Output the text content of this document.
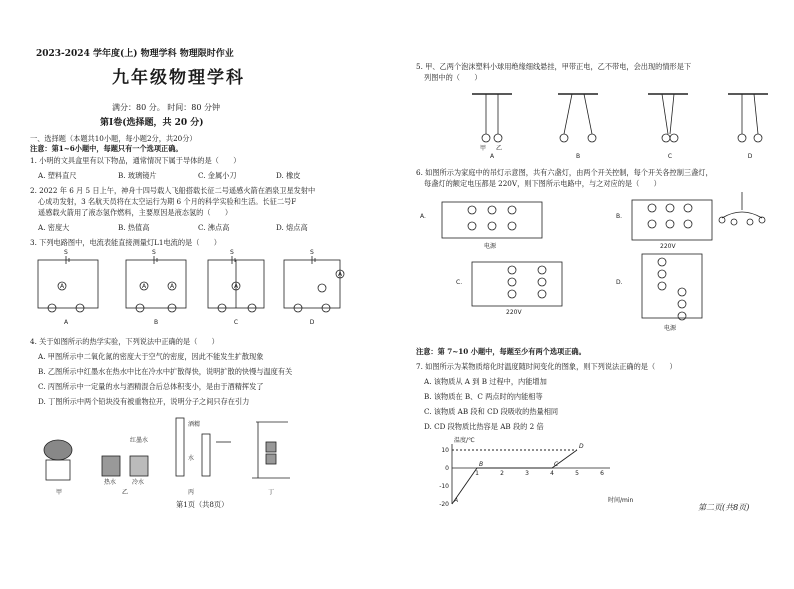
2023-2024 学年度(上) 物理学科 物理限时作业
九年级物理学科
满分：80 分。 时间：80 分钟
第Ⅰ卷(选择题，共 20 分)
一、选择题（本题共10小题，每小题2分，共20分）
注意：第1~6小题中，每题只有一个选项正确。
1. 小明的文具盒里有以下物品，通常情况下属于导体的是（　　）
A. 塑料直尺	B. 玻璃镜片	C. 金属小刀	D. 橡皮
2. 2022 年 6 月 5 日上午，神舟十四号载人飞船搭载长征二号遥感火箭在酒泉卫星发射中
心成功发射，3 名航天员将在太空运行为期 6 个月的科学实验和生活。长征二号F
遥感载火箭用了液态氢作燃料，主要原因是液态氢的（　　）
A. 密度大	B. 热值高	C. 沸点高	D. 熔点高
3. 下列电路图中，电流表能直接测量灯L1电流的是（　　）
A	A	A	A
A
S	S	S	S
A	B	C	D
4. 关于如图所示的热学实验，下列说法中正确的是（　　）
A. 甲图所示中二氧化氮的密度大于空气的密度，因此不能发生扩散现象
B. 乙图所示中红墨水在热水中比在冷水中扩散得快，说明扩散的快慢与温度有关
C. 丙图所示中一定量的水与酒精混合后总体积变小，是由于酒精挥发了
D. 丁图所示中两个铅块没有被重物拉开，说明分子之间只存在引力
热水	冷水
红墨水
酒精
水
甲	乙	丙	丁
第1页（共8页）
5. 甲、乙两个泡沫塑料小球用绝缘细线悬挂，甲带正电，乙不带电，会出现的情形是下
列图中的（　　）
甲 乙
A	B	C	D
6. 如图所示为家庭中的吊灯示意图，共有六盏灯，由两个开关控制，每个开关各控制三盏灯，
每盏灯的额定电压都是 220V，则下图所示电路中，与之对应的是（　　）
A.	B.
C.	D.
电源	220V
220V
电源
注意：第 7~10 小题中，每题至少有两个选项正确。
7. 如图所示为某物质熔化时温度随时间变化的图象，则下列说法正确的是（　　）
A. 该物质从 A 到 B 过程中，内能增加
B. 该物质在 B、C 两点时的内能相等
C. 该物质 AB 段和 CD 段吸收的热量相同
D. CD 段物质比热容是 AB 段的 2 倍
1	2	3	4	5	6
10
0
-10
-20
A
B	C
D
温度/℃
时间/min
第二页(共8页)
